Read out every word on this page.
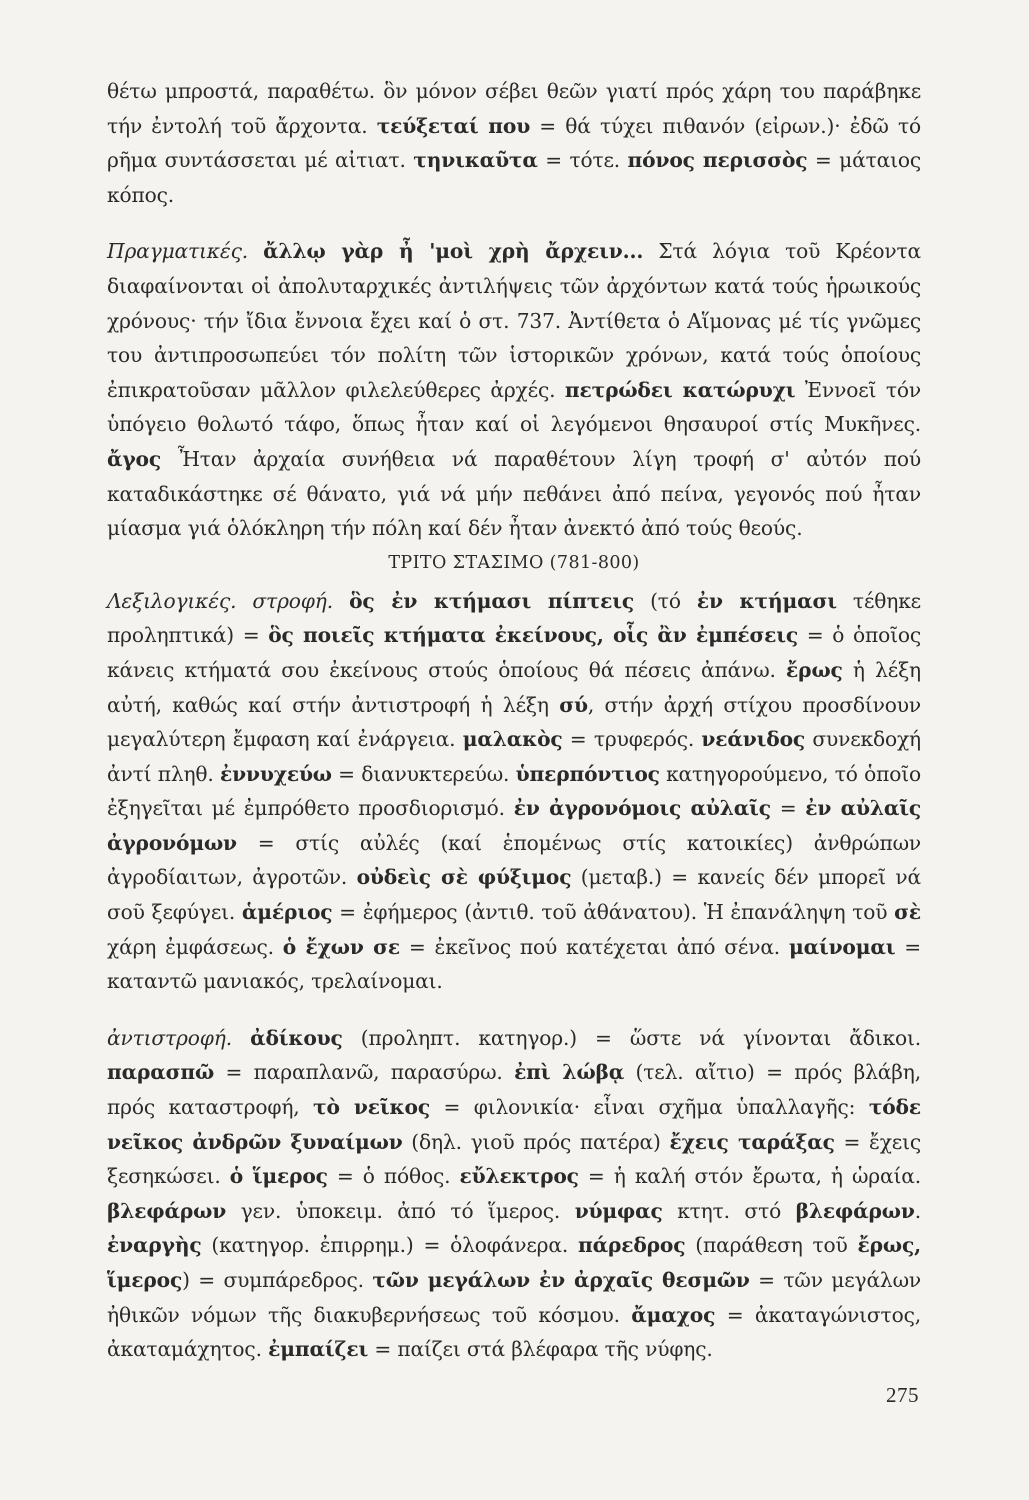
θέτω μπροστά, παραθέτω. ὃν μόνον σέβει θεῶν γιατί πρός χάρη του παράβηκε τήν ἐντολή τοῦ ἄρχοντα. τεύξεταί που = θά τύχει πιθανόν (εἰρων.)· ἐδῶ τό ρῆμα συντάσσεται μέ αἰτιατ. τηνικαῦτα = τότε. πόνος περισσὸς = μάταιος κόπος.

Πραγματικές. ἄλλῳ γὰρ ἦ 'μοὶ χρὴ ἄρχειν... Στά λόγια τοῦ Κρέοντα διαφαίνονται οἱ ἀπολυταρχικές ἀντιλήψεις τῶν ἀρχόντων κατά τούς ἡρωικούς χρόνους· τήν ἴδια ἔννοια ἔχει καί ὁ στ. 737. Ἀντίθετα ὁ Αἵμονας μέ τίς γνῶμες του ἀντιπροσωπεύει τόν πολίτη τῶν ἱστορικῶν χρόνων, κατά τούς ὁποίους ἐπικρατοῦσαν μᾶλλον φιλελεύθερες ἀρχές. πετρώδει κατώρυχι Ἐννοεῖ τόν ὑπόγειο θολωτό τάφο, ὅπως ἦταν καί οἱ λεγόμενοι θησαυροί στίς Μυκῆνες. ἄγος Ἦταν ἀρχαία συνήθεια νά παραθέτουν λίγη τροφή σ' αὐτόν πού καταδικάστηκε σέ θάνατο, γιά νά μήν πεθάνει ἀπό πείνα, γεγονός πού ἦταν μίασμα γιά ὁλόκληρη τήν πόλη καί δέν ἦταν ἀνεκτό ἀπό τούς θεούς.

ΤΡΙΤΟ ΣΤΑΣΙΜΟ (781-800)

Λεξιλογικές. στροφή. ὃς ἐν κτήμασι πίπτεις (τό ἐν κτήμασι τέθηκε προληπτικά) = ὃς ποιεῖς κτήματα ἐκείνους, οἷς ἂν ἐμπέσεις = ὁ ὁποῖος κάνεις κτήματά σου ἐκείνους στούς ὁποίους θά πέσεις ἀπάνω. ἔρως ἡ λέξη αὐτή, καθώς καί στήν ἀντιστροφή ἡ λέξη σύ, στήν ἀρχή στίχου προσδίνουν μεγαλύτερη ἔμφαση καί ἐνάργεια. μαλακὸς = τρυφερός. νεάνιδος συνεκδοχή ἀντί πληθ. ἐννυχεύω = διανυκτερεύω. ὑπερπόντιος κατηγορούμενο, τό ὁποῖο ἐξηγεῖται μέ ἐμπρόθετο προσδιορισμό. ἐν ἀγρονόμοις αὐλαῖς = ἐν αὐλαῖς ἀγρονόμων = στίς αὐλές (καί ἑπομένως στίς κατοικίες) ἀνθρώπων ἀγροδίαιτων, ἀγροτῶν. οὐδεὶς σὲ φύξιμος (μεταβ.) = κανείς δέν μπορεῖ νά σοῦ ξεφύγει. ἁμέριος = ἐφήμερος (ἀντιθ. τοῦ ἀθάνατου). Ἡ ἐπανάληψη τοῦ σὲ χάρη ἐμφάσεως. ὁ ἔχων σε = ἐκεῖνος πού κατέχεται ἀπό σένα. μαίνομαι = καταντῶ μανιακός, τρελαίνομαι.

ἀντιστροφή. ἀδίκους (προληπτ. κατηγορ.) = ὥστε νά γίνονται ἄδικοι. παρασπῶ = παραπλανῶ, παρασύρω. ἐπὶ λώβᾳ (τελ. αἴτιο) = πρός βλάβη, πρός καταστροφή, τὸ νεῖκος = φιλονικία· εἶναι σχῆμα ὑπαλλαγῆς: τόδε νεῖκος ἀνδρῶν ξυναίμων (δηλ. γιοῦ πρός πατέρα) ἔχεις ταράξας = ἔχεις ξεσηκώσει. ὁ ἵμερος = ὁ πόθος. εὔλεκτρος = ἡ καλή στόν ἔρωτα, ἡ ὡραία. βλεφάρων γεν. ὑποκειμ. ἀπό τό ἵμερος. νύμφας κτητ. στό βλεφάρων. ἐναργὴς (κατηγορ. ἐπιρρημ.) = ὁλοφάνερα. πάρεδρος (παράθεση τοῦ ἔρως, ἵμερος) = συμπάρεδρος. τῶν μεγάλων ἐν ἀρχαῖς θεσμῶν = τῶν μεγάλων ἠθικῶν νόμων τῆς διακυβερνήσεως τοῦ κόσμου. ἄμαχος = ἀκαταγώνιστος, ἀκαταμάχητος. ἐμπαίζει = παίζει στά βλέφαρα τῆς νύφης.

275
